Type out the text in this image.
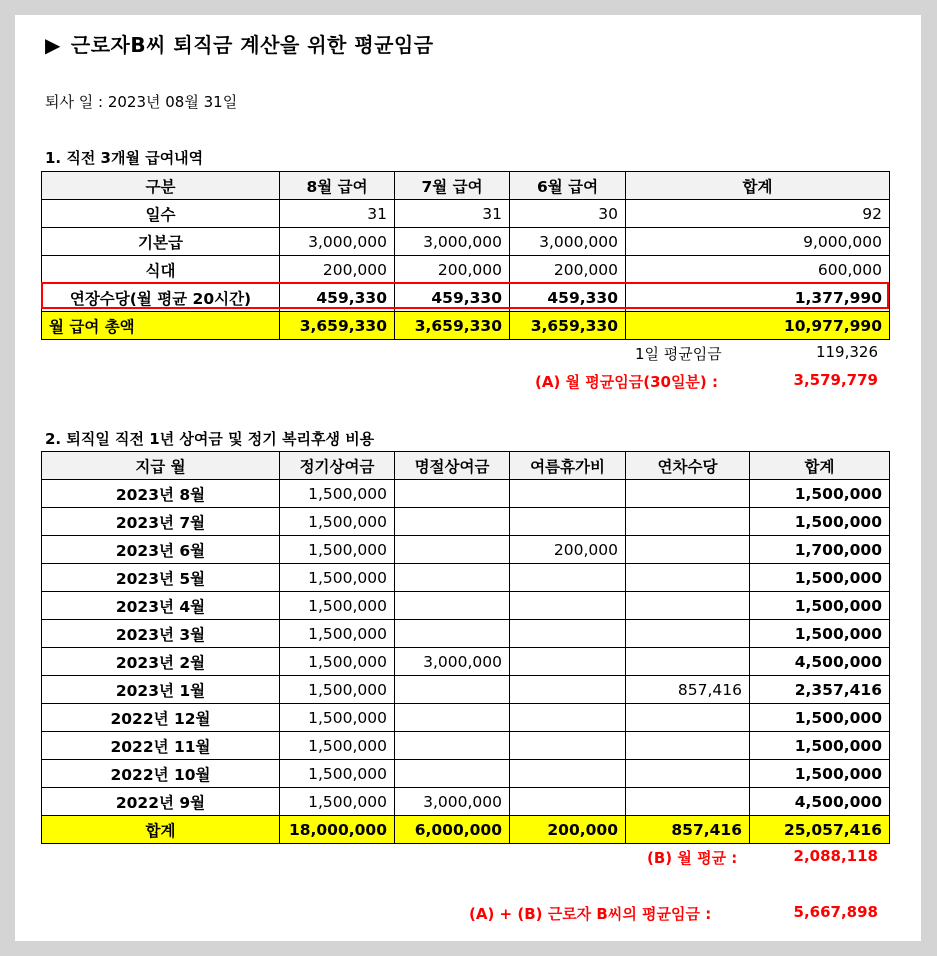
▶ 근로자B씨 퇴직금 계산을 위한 평균임금
퇴사 일 : 2023년 08월 31일
1. 직전 3개월 급여내역
구분	8월 급여	7월 급여	6월 급여	합계
일수	31	31	30	92
기본급	3,000,000	3,000,000	3,000,000	9,000,000
식대	200,000	200,000	200,000	600,000
연장수당(월 평균 20시간)	459,330	459,330	459,330	1,377,990
월 급여 총액	3,659,330	3,659,330	3,659,330	10,977,990
1일 평균임금	119,326
(A) 월 평균임금(30일분) :	3,579,779
2. 퇴직일 직전 1년 상여금 및 정기 복리후생 비용
지급 월	정기상여금	명절상여금	여름휴가비	연차수당	합계
2023년 8월	1,500,000				1,500,000
2023년 7월	1,500,000				1,500,000
2023년 6월	1,500,000		200,000		1,700,000
2023년 5월	1,500,000				1,500,000
2023년 4월	1,500,000				1,500,000
2023년 3월	1,500,000				1,500,000
2023년 2월	1,500,000	3,000,000			4,500,000
2023년 1월	1,500,000			857,416	2,357,416
2022년 12월	1,500,000				1,500,000
2022년 11월	1,500,000				1,500,000
2022년 10월	1,500,000				1,500,000
2022년 9월	1,500,000	3,000,000			4,500,000
합계	18,000,000	6,000,000	200,000	857,416	25,057,416
(B) 월 평균 :	2,088,118
(A) + (B) 근로자 B씨의 평균임금 :	5,667,898
